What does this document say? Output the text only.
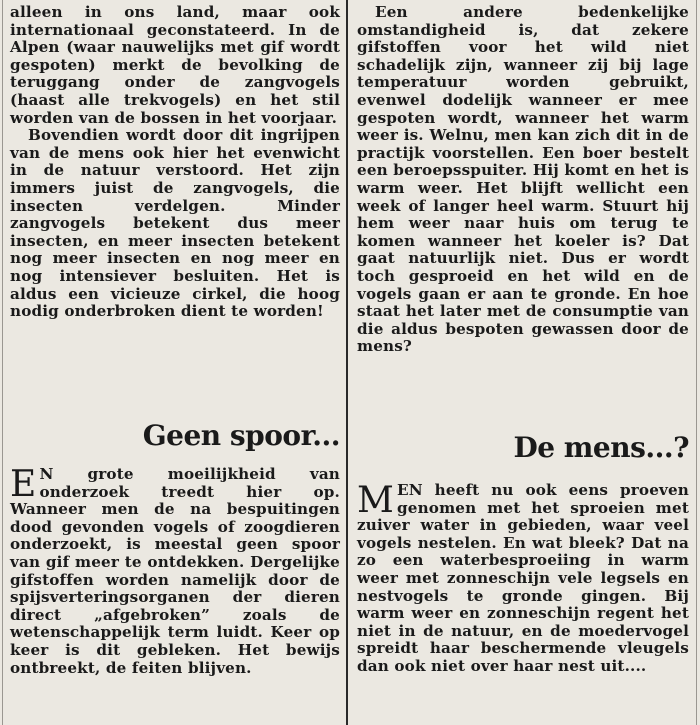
alleen in ons land, maar ook internationaal geconstateerd. In de Alpen (waar nauwelijks met gif wordt gespoten) merkt de bevolking de teruggang onder de zangvogels (haast alle trekvogels) en het stil worden van de bossen in het voorjaar.

Bovendien wordt door dit ingrijpen van de mens ook hier het evenwicht in de natuur verstoord. Het zijn immers juist de zangvogels, die insecten verdelgen. Minder zangvogels betekent dus meer insecten, en meer insecten betekent nog meer insecten en nog meer en nog intensiever besluiten. Het is aldus een vicieuze cirkel, die hoog nodig onderbroken dient te worden!

Geen spoor...

E N grote moeilijkheid van onderzoek treedt hier op. Wanneer men de na bespuitingen dood gevonden vogels of zoogdieren onderzoekt, is meestal geen spoor van gif meer te ontdekken. Dergelijke gifstoffen worden namelijk door de spijsverteringsorganen der dieren direct „afgebroken” zoals de wetenschappelijk term luidt. Keer op keer is dit gebleken. Het bewijs ontbreekt, de feiten blijven.

Een andere bedenkelijke omstandigheid is, dat zekere gifstoffen voor het wild niet schadelijk zijn, wanneer zij bij lage temperatuur worden gebruikt, evenwel dodelijk wanneer er mee gespoten wordt, wanneer het warm weer is. Welnu, men kan zich dit in de practijk voorstellen. Een boer bestelt een beroepsspuiter. Hij komt en het is warm weer. Het blijft wellicht een week of langer heel warm. Stuurt hij hem weer naar huis om terug te komen wanneer het koeler is? Dat gaat natuurlijk niet. Dus er wordt toch gesproeid en het wild en de vogels gaan er aan te gronde. En hoe staat het later met de consumptie van die aldus bespoten gewassen door de mens?

De mens...?

M EN heeft nu ook eens proeven genomen met het sproeien met zuiver water in gebieden, waar veel vogels nestelen. En wat bleek? Dat na zo een waterbesproeiing in warm weer met zonneschijn vele legsels en nestvogels te gronde gingen. Bij warm weer en zonneschijn regent het niet in de natuur, en de moedervogel spreidt haar beschermende vleugels dan ook niet over haar nest uit....
